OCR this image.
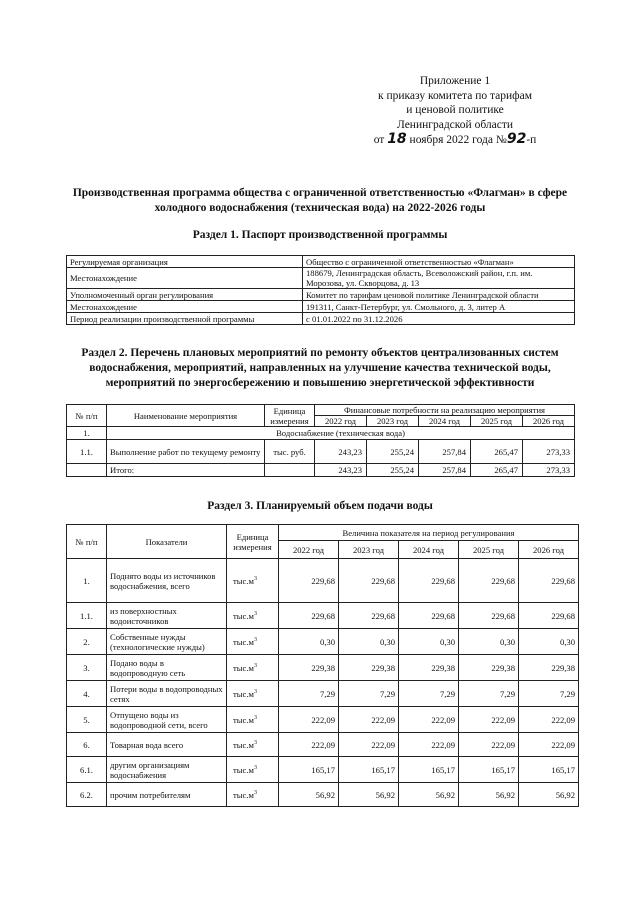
Приложение 1
к приказу комитета по тарифам
и ценовой политике
Ленинградской области
от 18 ноября 2022 года №92-п
Производственная программа общества с ограниченной ответственностью «Флагман» в сфере
холодного водоснабжения (техническая вода) на 2022-2026 годы
Раздел 1. Паспорт производственной программы
Регулируемая организация	Общество с ограниченной ответственностью «Флагман»
Местонахождение	188679, Ленинградская область, Всеволожский район, г.п. им. Морозова, ул. Скворцова, д. 13
Уполномоченный орган регулирования	Комитет по тарифам ценовой политике Ленинградской области
Местонахождение	191311, Санкт-Петербург, ул. Смольного, д. 3, литер А
Период реализации производственной программы	с 01.01.2022 по 31.12.2026
Раздел 2. Перечень плановых мероприятий по ремонту объектов централизованных систем
водоснабжения, мероприятий, направленных на улучшение качества технической воды,
мероприятий по энергосбережению и повышению энергетической эффективности
№ п/п	Наименование мероприятия	Единица измерения	Финансовые потребности на реализацию мероприятия				
			2022 год	2023 год	2024 год	2025 год	2026 год
1.	Водоснабжение (техническая вода)						
1.1.	Выполнение работ по текущему ремонту	тыс. руб.	243,23	255,24	257,84	265,47	273,33
	Итого:		243,23	255,24	257,84	265,47	273,33
Раздел 3. Планируемый объем подачи воды
№ п/п	Показатели	Единица измерения	Величина показателя на период регулирования				
			2022 год	2023 год	2024 год	2025 год	2026 год
1.	Поднято воды из источников водоснабжения, всего	$тыс.м^3$	229,68	229,68	229,68	229,68	229,68
1.1.	из поверхностных водоисточников	$тыс.м^3$	229,68	229,68	229,68	229,68	229,68
2.	Собственные нужды (технологические нужды)	$тыс.м^3$	0,30	0,30	0,30	0,30	0,30
3.	Подано воды в водопроводную сеть	$тыс.м^3$	229,38	229,38	229,38	229,38	229,38
4.	Потери воды в водопроводных сетях	$тыс.м^3$	7,29	7,29	7,29	7,29	7,29
5.	Отпущено воды из водопроводной сети, всего	$тыс.м^3$	222,09	222,09	222,09	222,09	222,09
6.	Товарная вода всего	$тыс.м^3$	222,09	222,09	222,09	222,09	222,09
6.1.	другим организациям водоснабжения	$тыс.м^3$	165,17	165,17	165,17	165,17	165,17
6.2.	прочим потребителям	$тыс.м^3$	56,92	56,92	56,92	56,92	56,92
